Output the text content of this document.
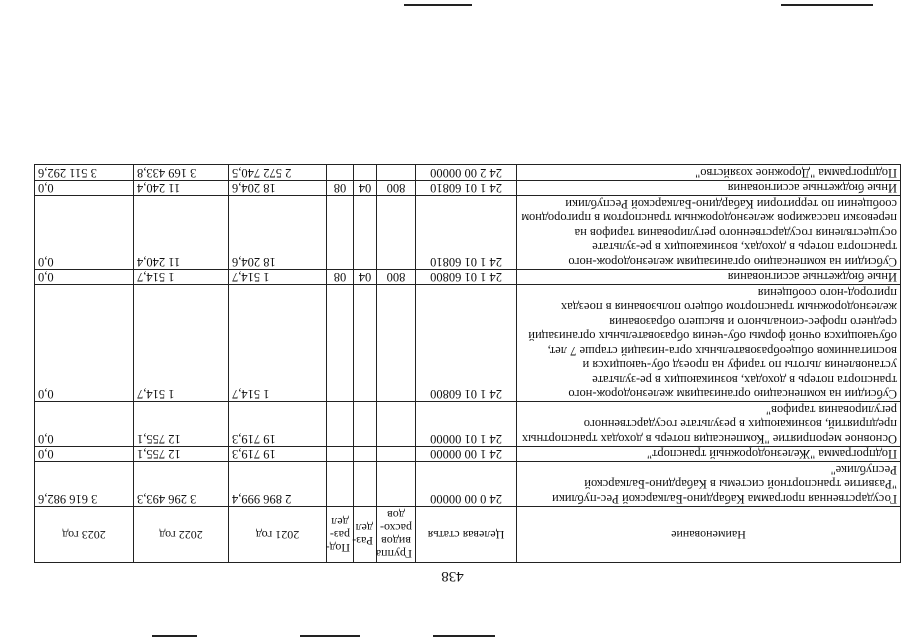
438
Наименование	Целевая статья	Группа видов расхо-дов	Раз-дел	Под-раз-дел	2021 год	2022 год	2023 год
Государственная программа Кабардино-Балкарской Рес-публики "Развитие транспортной системы в Кабардино-Балкарской Республике"	24 0 00 00000				2 896 999,4	3 296 493,3	3 616 982,6
Подпрограмма "Железнодорожный транспорт"	24 1 00 00000				19 719,3	12 755,1	0,0
Основное мероприятие "Компенсация потерь в доходах транспортных предприятий, возникающих в результате государственного регулирования тарифов"	24 1 01 00000				19 719,3	12 755,1	0,0
Субсидии на компенсацию организациям железнодорож-ного транспорта потерь в доходах, возникающих в ре-зультате установления льготы по тарифу на проезд обу-чающихся и воспитанников общеобразовательных орга-низаций старше 7 лет, обучающихся очной формы обу-чения образовательных организаций среднего профес-сионального и высшего образования железнодорожным транспортом общего пользования в поездах пригород-ного сообщения	24 1 01 60800				1 514,7	1 514,7	0,0
Иные бюджетные ассигнования	24 1 01 60800	800	04	08	1 514,7	1 514,7	0,0
Субсидии на компенсацию организациям железнодорож-ного транспорта потерь в доходах, возникающих в ре-зультате осуществления государственного регулирования тарифов на перевозки пассажиров железнодорожным транспортом в пригородном сообщении по территории Кабардино-Балкарской Республики	24 1 01 60810				18 204,6	11 240,4	0,0
Иные бюджетные ассигнования	24 1 01 60810	800	04	08	18 204,6	11 240,4	0,0
Подпрограмма "Дорожное хозяйство"	24 2 00 00000				2 572 740,5	3 169 433,8	3 511 292,6
